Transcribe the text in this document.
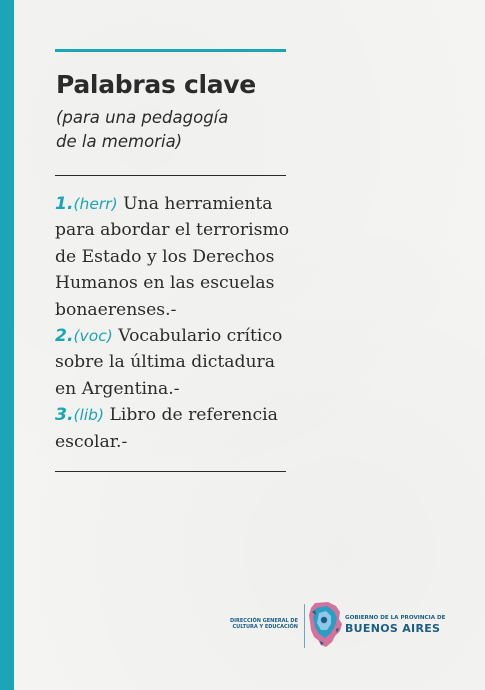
Palabras clave

(para una pedagogía
de la memoria)

1.(herr) Una herramienta
para abordar el terrorismo
de Estado y los Derechos
Humanos en las escuelas
bonaerenses.-
2.(voc) Vocabulario crítico
sobre la última dictadura
en Argentina.-
3.(lib) Libro de referencia
escolar.-
DIRECCIÓN GENERAL DE
CULTURA Y EDUCACIÓN
GOBIERNO DE LA PROVINCIA DE
BUENOS AIRES
